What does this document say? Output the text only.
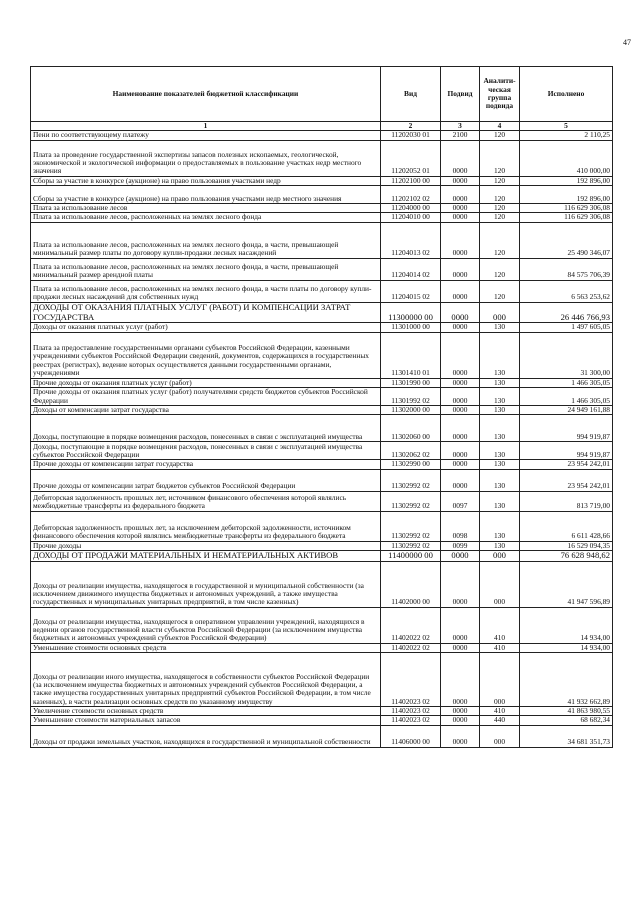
47
Наименование показателей бюджетной классификации	Вид	Подвид	Аналити-ческая группа подвида	Исполнено
1	2	3	4	5
Пени по соответствующему платежу	11202030 01	2100	120	2 110,25
Плата за проведение государственной экспертизы запасов полезных ископаемых, геологической, экономической и экологической информации о предоставляемых в пользование участках недр местного значения	11202052 01	0000	120	410 000,00
Сборы за участие в конкурсе (аукционе) на право пользования участками недр	11202100 00	0000	120	192 896,00
Сборы за участие в конкурсе (аукционе) на право пользования участками недр местного значения	11202102 02	0000	120	192 896,00
Плата за использование лесов	11204000 00	0000	120	116 629 306,08
Плата за использование лесов, расположенных на землях лесного фонда	11204010 00	0000	120	116 629 306,08
Плата за использование лесов, расположенных на землях лесного фонда, в части, превышающей минимальный размер платы по договору купли-продажи лесных насаждений	11204013 02	0000	120	25 490 346,07
Плата за использование лесов, расположенных на землях лесного фонда, в части, превышающей минимальный размер арендной платы	11204014 02	0000	120	84 575 706,39
Плата за использование лесов, расположенных на землях лесного фонда, в части платы по договору купли-продажи лесных насаждений для собственных нужд	11204015 02	0000	120	6 563 253,62
ДОХОДЫ ОТ ОКАЗАНИЯ ПЛАТНЫХ УСЛУГ (РАБОТ) И КОМПЕНСАЦИИ ЗАТРАТ ГОСУДАРСТВА	11300000 00	0000	000	26 446 766,93
Доходы от оказания платных услуг (работ)	11301000 00	0000	130	1 497 605,05
Плата за предоставление государственными органами субъектов Российской Федерации, казенными учреждениями субъектов Российской Федерации сведений, документов, содержащихся в государственных реестрах (регистрах), ведение которых осуществляется данными государственными органами, учреждениями	11301410 01	0000	130	31 300,00
Прочие доходы от оказания платных услуг (работ)	11301990 00	0000	130	1 466 305,05
Прочие доходы от оказания платных услуг (работ) получателями средств бюджетов субъектов Российской Федерации	11301992 02	0000	130	1 466 305,05
Доходы от компенсации затрат государства	11302000 00	0000	130	24 949 161,88
Доходы, поступающие в порядке возмещения расходов, понесенных в связи с эксплуатацией имущества	11302060 00	0000	130	994 919,87
Доходы, поступающие в порядке возмещения расходов, понесенных в связи с эксплуатацией имущества субъектов Российской Федерации	11302062 02	0000	130	994 919,87
Прочие доходы от компенсации затрат государства	11302990 00	0000	130	23 954 242,01
Прочие доходы от компенсации затрат бюджетов субъектов Российской Федерации	11302992 02	0000	130	23 954 242,01
Дебиторская задолженность прошлых лет, источником финансового обеспечения которой являлись межбюджетные трансферты из федерального бюджета	11302992 02	0097	130	813 719,00
Дебиторская задолженность прошлых лет, за исключением дебиторской задолженности, источником финансового обеспечения которой являлись межбюджетные трансферты из федерального бюджета	11302992 02	0098	130	6 611 428,66
Прочие доходы	11302992 02	0099	130	16 529 094,35
ДОХОДЫ ОТ ПРОДАЖИ МАТЕРИАЛЬНЫХ И НЕМАТЕРИАЛЬНЫХ АКТИВОВ	11400000 00	0000	000	76 628 948,62
Доходы от реализации имущества, находящегося в государственной и муниципальной собственности (за исключением движимого имущества бюджетных и автономных учреждений, а также имущества государственных и муниципальных унитарных предприятий, в том числе казенных)	11402000 00	0000	000	41 947 596,89
Доходы от реализации имущества, находящегося в оперативном управлении учреждений, находящихся в ведении органов государственной власти субъектов Российской Федерации (за исключением имущества бюджетных и автономных учреждений субъектов Российской Федерации)	11402022 02	0000	410	14 934,00
Уменьшение стоимости основных средств	11402022 02	0000	410	14 934,00
Доходы от реализации иного имущества, находящегося в собственности субъектов Российской Федерации (за исключением имущества бюджетных и автономных учреждений субъектов Российской Федерации, а также имущества государственных унитарных предприятий субъектов Российской Федерации, в том числе казенных), в части реализации основных средств по указанному имуществу	11402023 02	0000	000	41 932 662,89
Увеличение стоимости основных средств	11402023 02	0000	410	41 863 980,55
Уменьшение стоимости материальных запасов	11402023 02	0000	440	68 682,34
Доходы от продажи земельных участков, находящихся в государственной и муниципальной собственности	11406000 00	0000	000	34 681 351,73
